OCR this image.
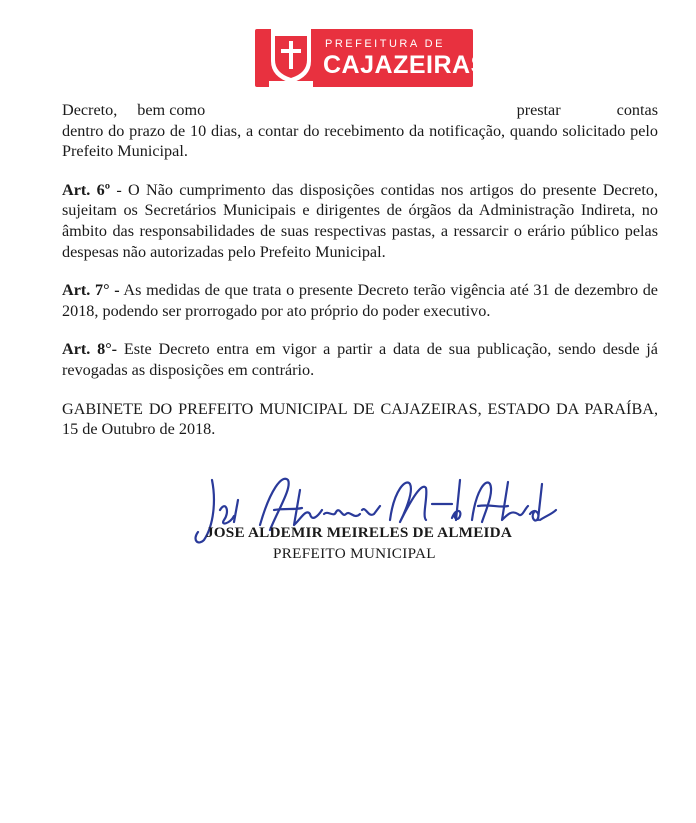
PREFEITURA DE
CAJAZEIRAS
Decreto, bem como	prestar	contas

dentro do prazo de 10 dias, a contar do recebimento da notificação, quando solicitado pelo Prefeito Municipal.

Art. 6º - O Não cumprimento das disposições contidas nos artigos do presente Decreto, sujeitam os Secretários Municipais e dirigentes de órgãos da Administração Indireta, no âmbito das responsabilidades de suas respectivas pastas, a ressarcir o erário público pelas despesas não autorizadas pelo Prefeito Municipal.

Art. 7° - As medidas de que trata o presente Decreto terão vigência até 31 de dezembro de 2018, podendo ser prorrogado por ato próprio do poder executivo.

Art. 8°- Este Decreto entra em vigor a partir a data de sua publicação, sendo desde já revogadas as disposições em contrário.

GABINETE DO PREFEITO MUNICIPAL DE CAJAZEIRAS, ESTADO DA PARAÍBA, 15 de Outubro de 2018.

JOSE ALDEMIR MEIRELES DE ALMEIDA
PREFEITO MUNICIPAL
